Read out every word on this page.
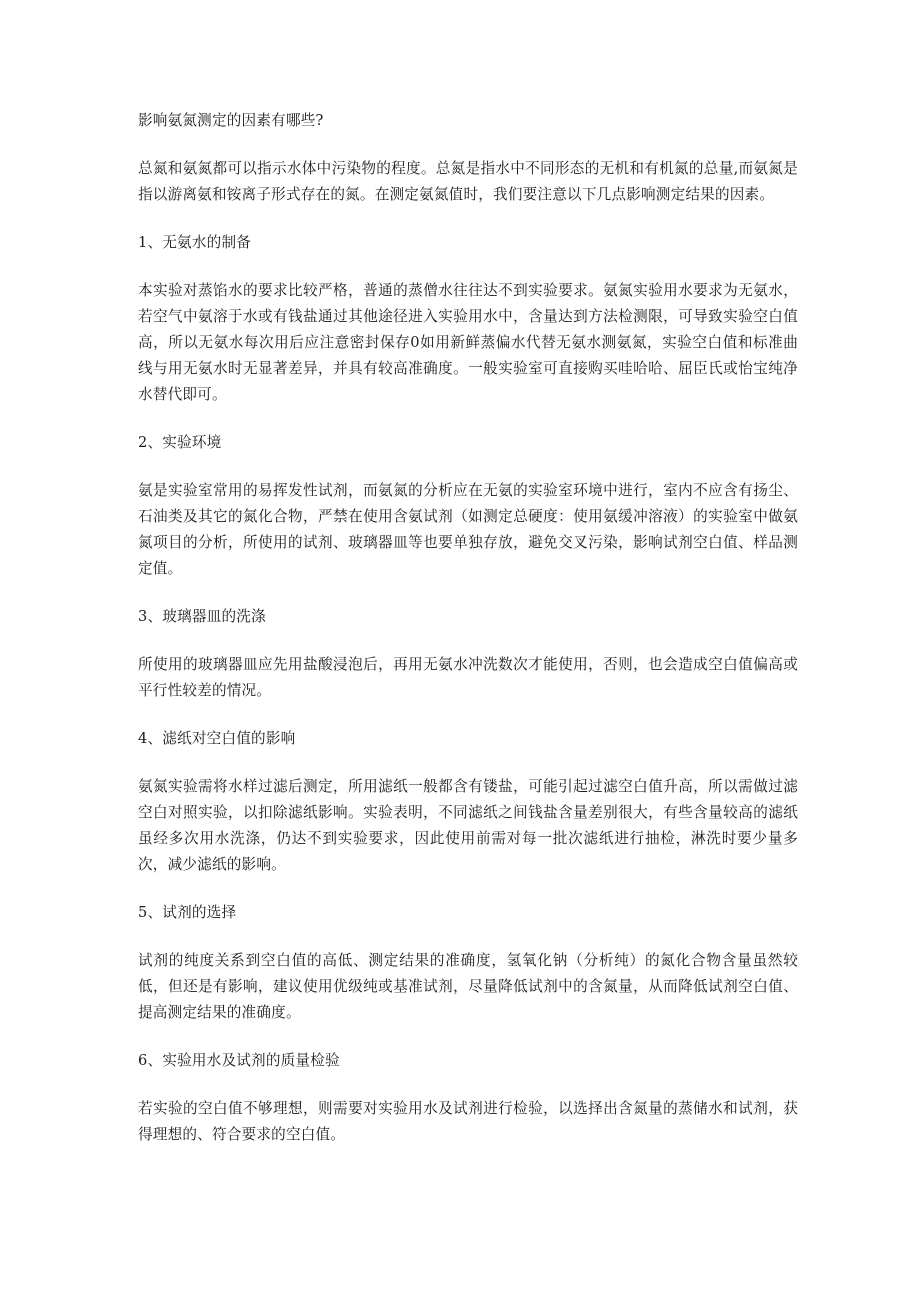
影响氨氮测定的因素有哪些?

总氮和氨氮都可以指示水体中污染物的程度。总氮是指水中不同形态的无机和有机氮的总量,而氨氮是指以游离氨和铵离子形式存在的氮。在测定氨氮值时，我们要注意以下几点影响测定结果的因素。

1、无氨水的制备

本实验对蒸馅水的要求比较严格，普通的蒸僧水往往达不到实验要求。氨氮实验用水要求为无氨水，若空气中氨溶于水或有钱盐通过其他途径进入实验用水中，含量达到方法检测限，可导致实验空白值高，所以无氨水每次用后应注意密封保存0如用新鲜蒸偏水代替无氨水测氨氮，实验空白值和标准曲线与用无氨水时无显著差异，并具有较高准确度。一般实验室可直接购买哇哈哈、屈臣氏或怡宝纯净水替代即可。

2、实验环境

氨是实验室常用的易挥发性试剂，而氨氮的分析应在无氨的实验室环境中进行，室内不应含有扬尘、石油类及其它的氮化合物，严禁在使用含氨试剂（如测定总硬度：使用氨缓冲溶液）的实验室中做氨氮项目的分析，所使用的试剂、玻璃器皿等也要单独存放，避免交叉污染，影响试剂空白值、样品测定值。

3、玻璃器皿的洗涤

所使用的玻璃器皿应先用盐酸浸泡后，再用无氨水冲洗数次才能使用，否则，也会造成空白值偏高或平行性较差的情况。

4、滤纸对空白值的影响

氨氮实验需将水样过滤后测定，所用滤纸一般都含有镂盐，可能引起过滤空白值升高，所以需做过滤空白对照实验，以扣除滤纸影响。实验表明，不同滤纸之间钱盐含量差别很大，有些含量较高的滤纸虽经多次用水洗涤，仍达不到实验要求，因此使用前需对每一批次滤纸进行抽检，淋洗时要少量多次，减少滤纸的影响。

5、试剂的选择

试剂的纯度关系到空白值的高低、测定结果的准确度，氢氧化钠（分析纯）的氮化合物含量虽然较低，但还是有影响，建议使用优级纯或基准试剂，尽量降低试剂中的含氮量，从而降低试剂空白值、提高测定结果的准确度。

6、实验用水及试剂的质量检验

若实验的空白值不够理想，则需要对实验用水及试剂进行检验，以选择出含氮量的蒸储水和试剂，获得理想的、符合要求的空白值。
